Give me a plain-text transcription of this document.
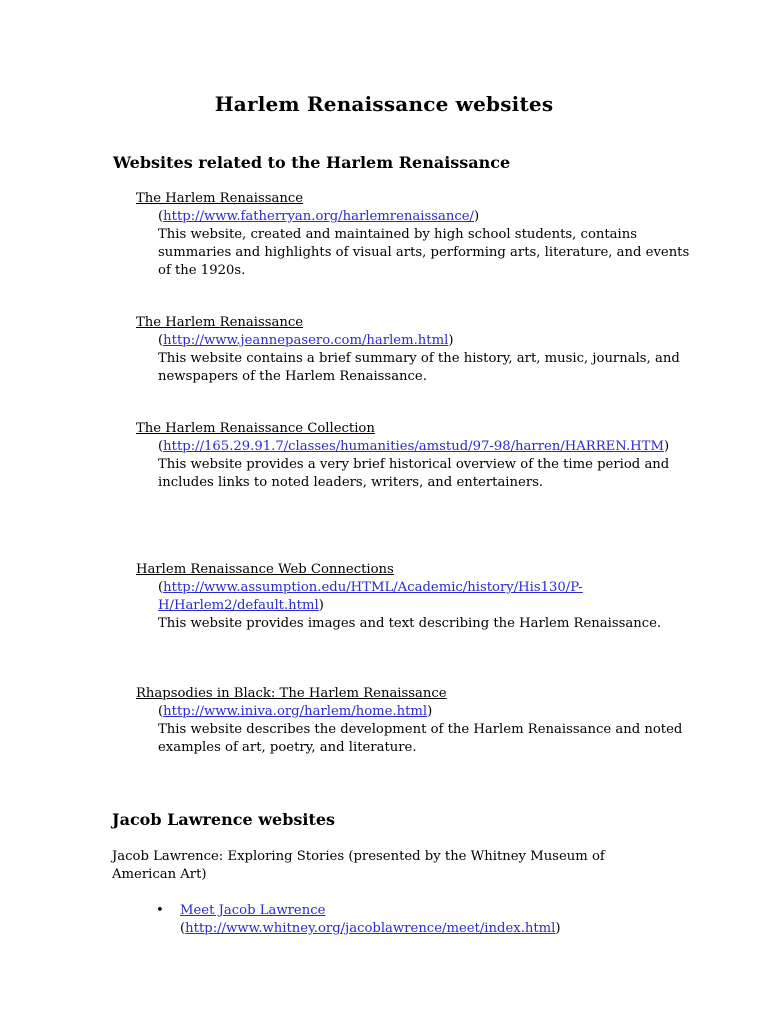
Harlem Renaissance websites
Websites related to the Harlem Renaissance
The Harlem Renaissance
(http://www.fatherryan.org/harlemrenaissance/)
This website, created and maintained by high school students, contains summaries and highlights of visual arts, performing arts, literature, and events of the 1920s.
The Harlem Renaissance
(http://www.jeannepasero.com/harlem.html)
This website contains a brief summary of the history, art, music, journals, and newspapers of the Harlem Renaissance.
The Harlem Renaissance Collection
(http://165.29.91.7/classes/humanities/amstud/97-98/harren/HARREN.HTM)
This website provides a very brief historical overview of the time period and includes links to noted leaders, writers, and entertainers.
Harlem Renaissance Web Connections
(http://www.assumption.edu/HTML/Academic/history/His130/P-H/Harlem2/default.html)
This website provides images and text describing the Harlem Renaissance.
Rhapsodies in Black: The Harlem Renaissance
(http://www.iniva.org/harlem/home.html)
This website describes the development of the Harlem Renaissance and noted examples of art, poetry, and literature.
Jacob Lawrence websites
Jacob Lawrence: Exploring Stories (presented by the Whitney Museum of American Art)
•	Meet Jacob Lawrence
(http://www.whitney.org/jacoblawrence/meet/index.html)
